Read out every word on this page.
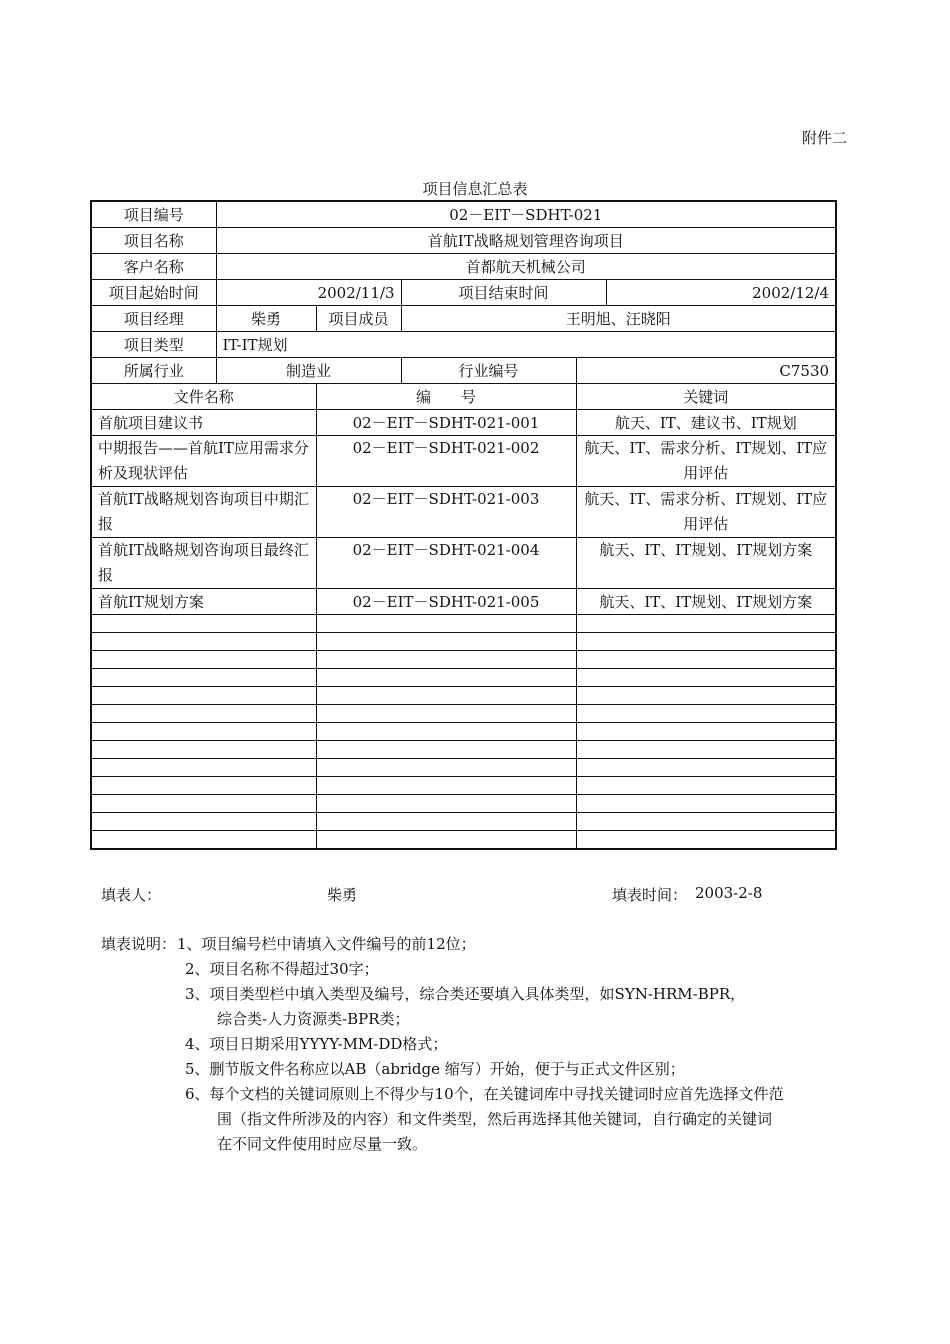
附件二
项目信息汇总表
项目编号	02－EIT－SDHT-021				
项目名称	首航IT战略规划管理咨询项目				
客户名称	首都航天机械公司				
项目起始时间	2002/11/3		项目结束时间		2002/12/4
项目经理	柴勇	项目成员	王明旭、汪晓阳		
项目类型	IT-IT规划				
所属行业	制造业		行业编号	C7530	
文件名称		编　　号		关键词	
首航项目建议书		02－EIT－SDHT-021-001		航天、IT、建议书、IT规划	
中期报告——首航IT应用需求分析及现状评估		02－EIT－SDHT-021-002		航天、IT、需求分析、IT规划、IT应用评估	
首航IT战略规划咨询项目中期汇报		02－EIT－SDHT-021-003		航天、IT、需求分析、IT规划、IT应用评估	
首航IT战略规划咨询项目最终汇报		02－EIT－SDHT-021-004		航天、IT、IT规划、IT规划方案	
首航IT规划方案		02－EIT－SDHT-021-005		航天、IT、IT规划、IT规划方案	

填表人：	柴勇	填表时间： 2003-2-8
填表说明： 1、项目编号栏中请填入文件编号的前12位；
2、项目名称不得超过30字；
3、项目类型栏中填入类型及编号，综合类还要填入具体类型，如SYN-HRM-BPR，
综合类-人力资源类-BPR类；
4、项目日期采用YYYY-MM-DD格式；
5、删节版文件名称应以AB（abridge 缩写）开始，便于与正式文件区别；
6、每个文档的关键词原则上不得少与10个，在关键词库中寻找关键词时应首先选择文件范
围（指文件所涉及的内容）和文件类型，然后再选择其他关键词，自行确定的关键词
在不同文件使用时应尽量一致。
